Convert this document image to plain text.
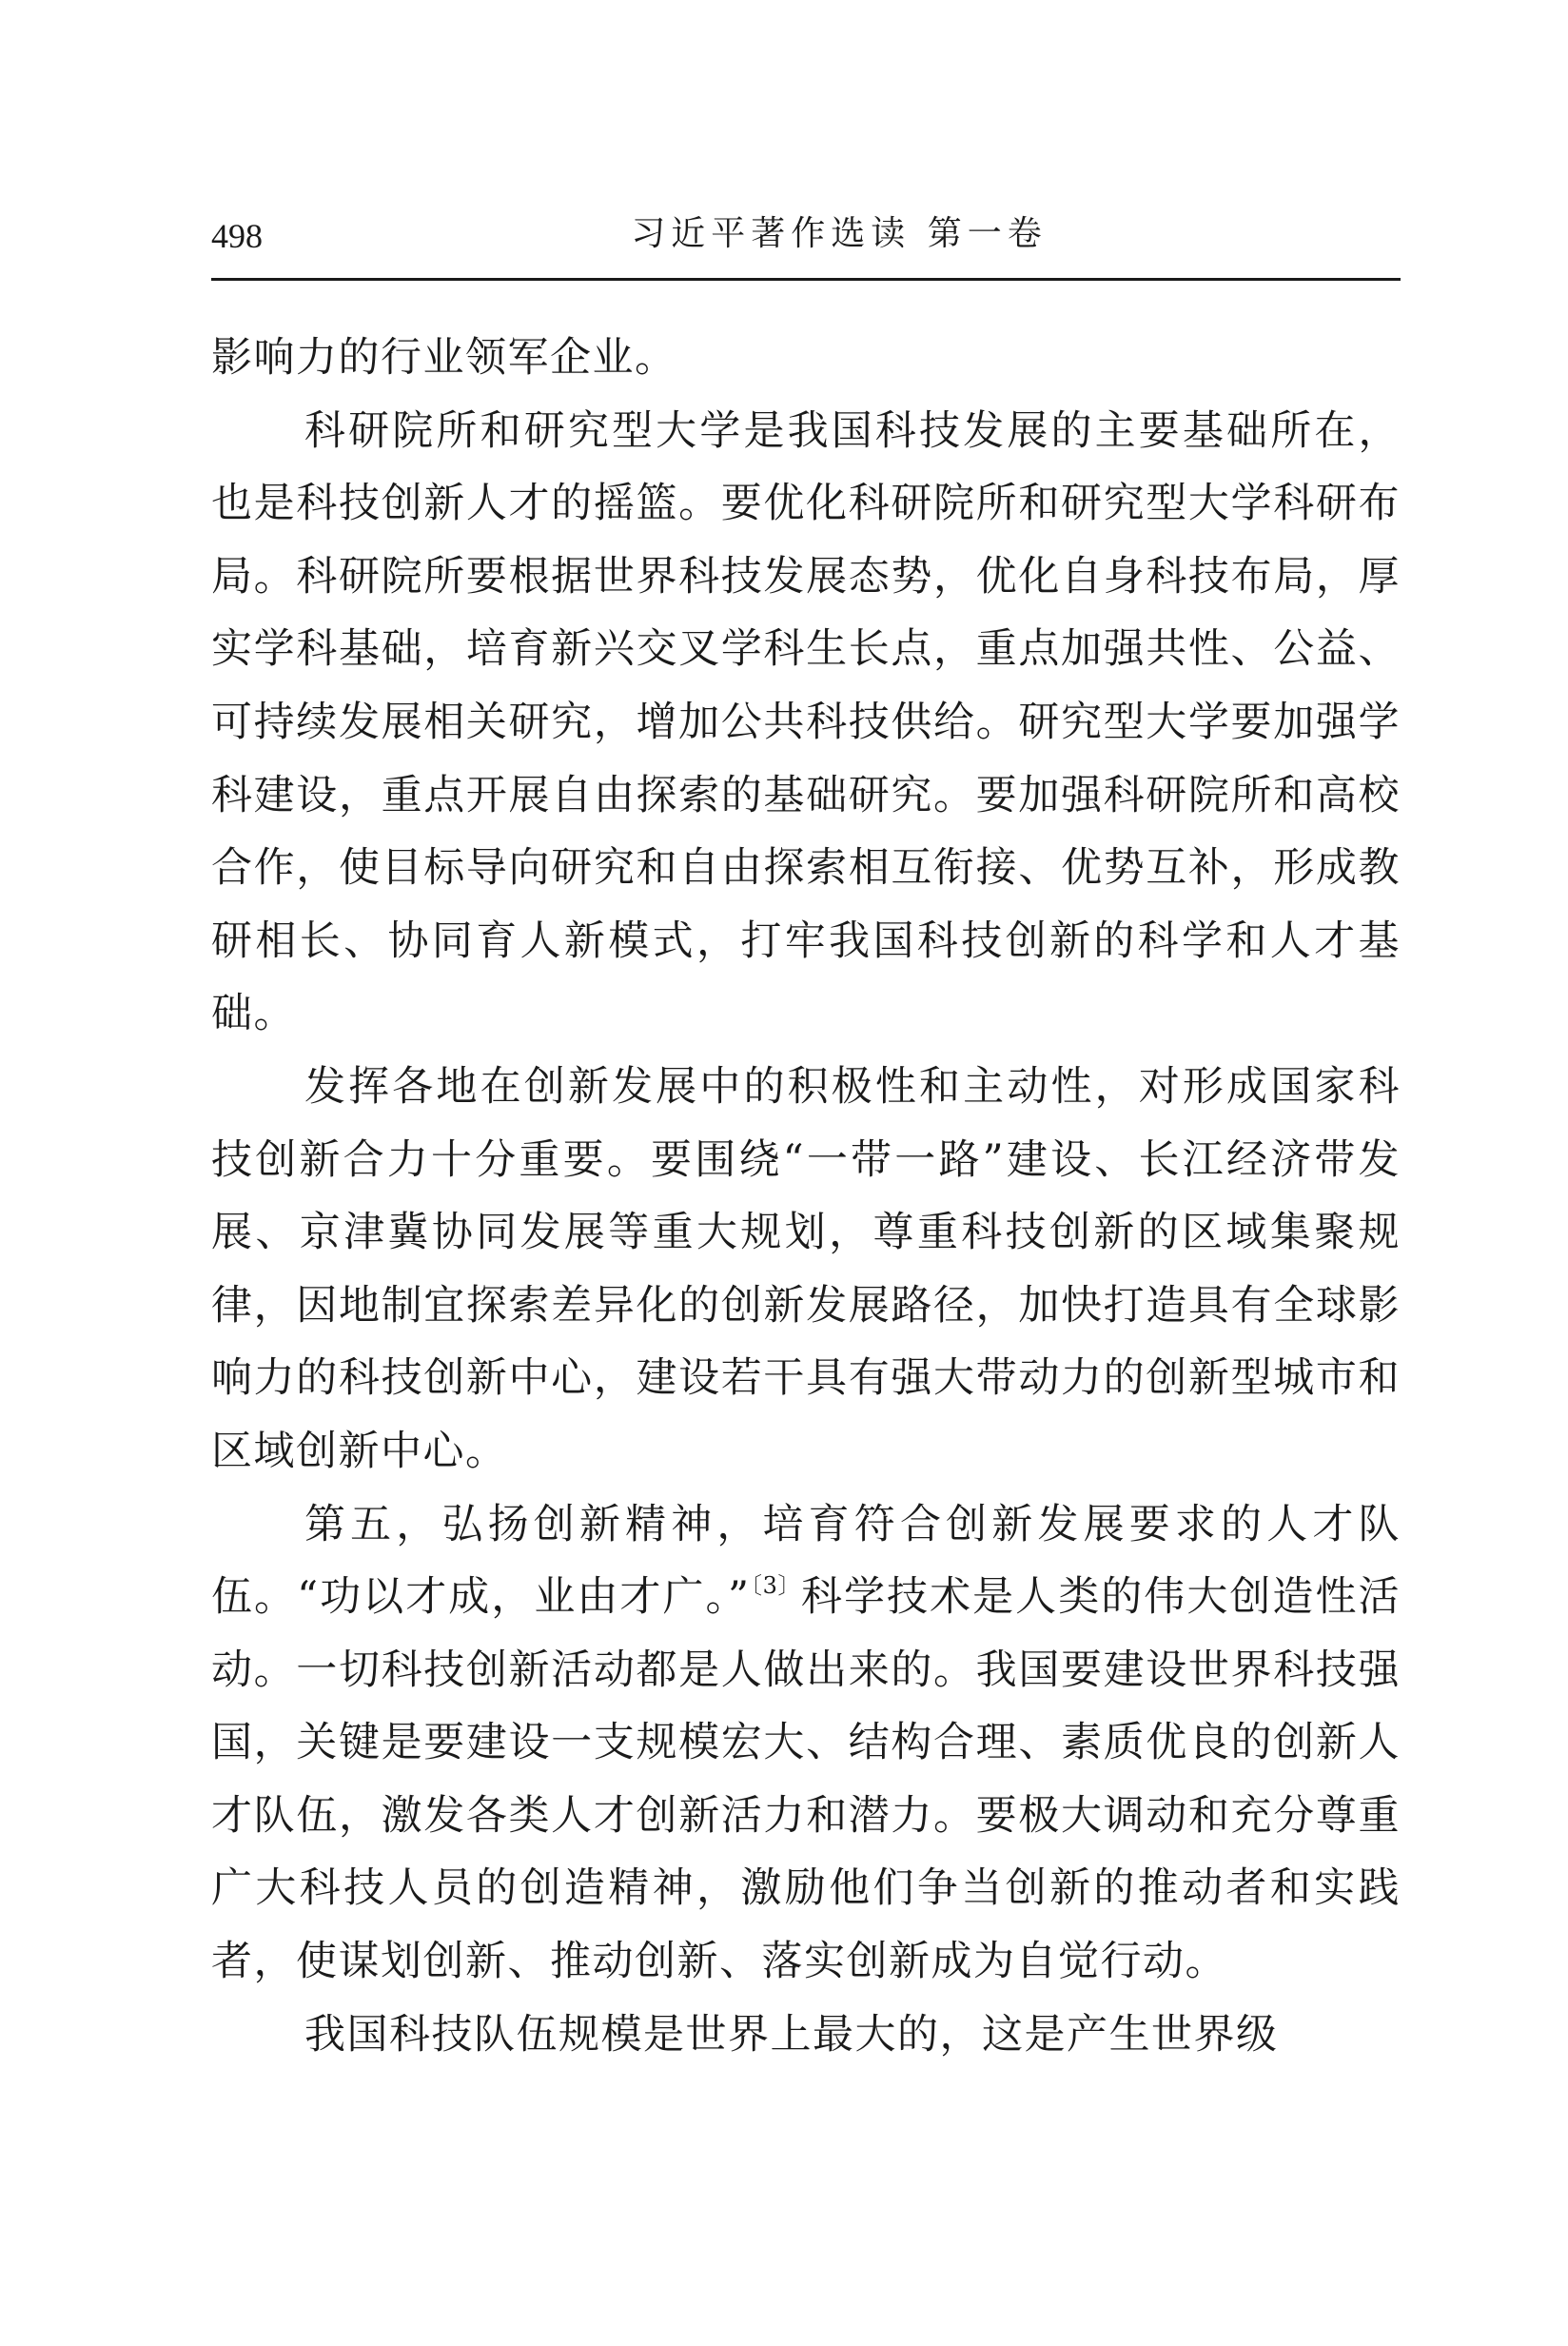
498	习近平著作选读 第一卷

影响力的行业领军企业。

科研院所和研究型大学是我国科技发展的主要基础所在，也是科技创新人才的摇篮。要优化科研院所和研究型大学科研布局。科研院所要根据世界科技发展态势，优化自身科技布局，厚实学科基础，培育新兴交叉学科生长点，重点加强共性、公益、可持续发展相关研究，增加公共科技供给。研究型大学要加强学科建设，重点开展自由探索的基础研究。要加强科研院所和高校合作，使目标导向研究和自由探索相互衔接、优势互补，形成教研相长、协同育人新模式，打牢我国科技创新的科学和人才基础。

发挥各地在创新发展中的积极性和主动性，对形成国家科技创新合力十分重要。要围绕“一带一路”建设、长江经济带发展、京津冀协同发展等重大规划，尊重科技创新的区域集聚规律，因地制宜探索差异化的创新发展路径，加快打造具有全球影响力的科技创新中心，建设若干具有强大带动力的创新型城市和区域创新中心。

第五，弘扬创新精神，培育符合创新发展要求的人才队伍。“功以才成，业由才广。”$^{〔3〕}$科学技术是人类的伟大创造性活动。一切科技创新活动都是人做出来的。我国要建设世界科技强国，关键是要建设一支规模宏大、结构合理、素质优良的创新人才队伍，激发各类人才创新活力和潜力。要极大调动和充分尊重广大科技人员的创造精神，激励他们争当创新的推动者和实践者，使谋划创新、推动创新、落实创新成为自觉行动。

我国科技队伍规模是世界上最大的，这是产生世界级
